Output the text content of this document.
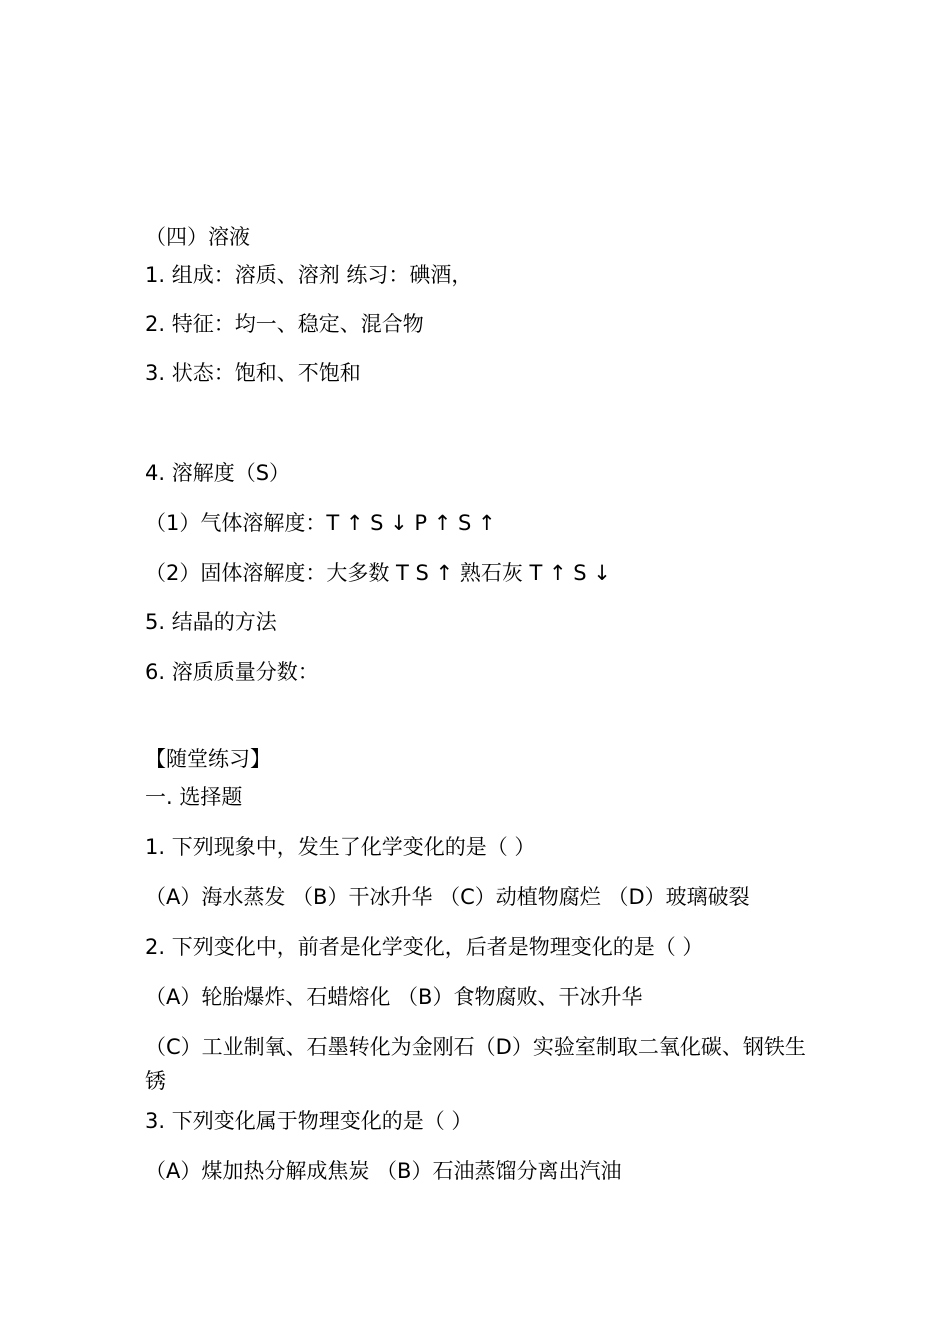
（四）溶液
1. 组成：溶质、溶剂 练习：碘酒，
2. 特征：均一、稳定、混合物
3. 状态：饱和、不饱和
4. 溶解度（S）
（1）气体溶解度：T ↑ S ↓ P ↑ S ↑
（2）固体溶解度：大多数 T S ↑ 熟石灰 T ↑ S ↓
5. 结晶的方法
6. 溶质质量分数：
【随堂练习】
一. 选择题
1. 下列现象中，发生了化学变化的是（ ）
（A）海水蒸发 （B）干冰升华 （C）动植物腐烂 （D）玻璃破裂
2. 下列变化中，前者是化学变化，后者是物理变化的是（ ）
（A）轮胎爆炸、石蜡熔化 （B）食物腐败、干冰升华
（C）工业制氧、石墨转化为金刚石（D）实验室制取二氧化碳、钢铁生锈
3. 下列变化属于物理变化的是（ ）
（A）煤加热分解成焦炭 （B）石油蒸馏分离出汽油
